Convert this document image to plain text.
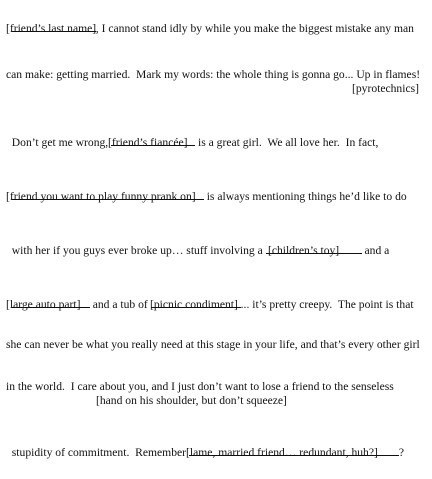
, I cannot stand idly by while you make the biggest mistake any man

[friend’s last name]
can make: getting married.  Mark my words: the whole thing is gonna go... Up in flames!
[pyrotechnics]

Don’t get me wrong,	is a great girl.  We all love her.  In fact,

[friend’s fiancée]

is always mentioning things he’d like to do

[friend you want to play funny prank on]

with her if you guys ever broke up… stuff involving a	and a

[children’s toy]

and a tub of	... it’s pretty creepy.  The point is that

[large auto part]	[picnic condiment]
she can never be what you really need at this stage in your life, and that’s every other girl
in the world.  I care about you, and I just don’t want to lose a friend to the senseless
[hand on his shoulder, but don’t squeeze]

stupidity of commitment.  Remember	?

[lame, married friend… redundant, huh?]
